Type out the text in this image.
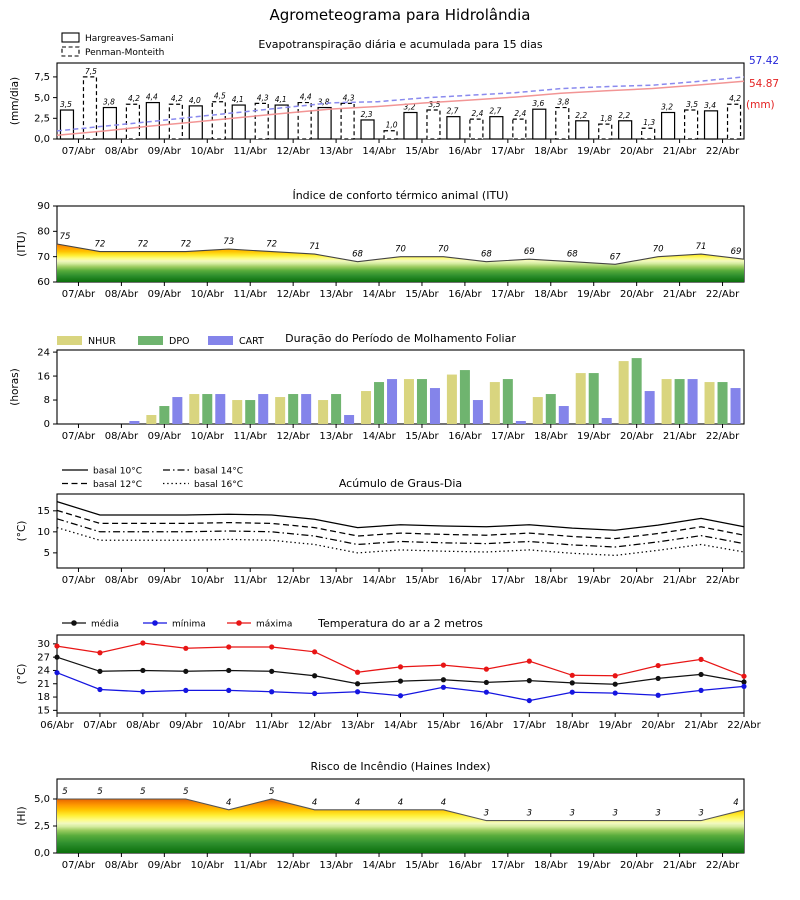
Agrometeograma para Hidrolândia
Evapotranspiração diária e acumulada para 15 dias
Índice de conforto térmico animal (ITU)
Duração do Período de Molhamento Foliar
Acúmulo de Graus-Dia
Temperatura do ar a 2 metros
Risco de Incêndio (Haines Index)
57.42
54.87
(mm)
0,0
2,5
5,0
7,5
07/Abr 08/Abr 09/Abr 10/Abr 11/Abr 12/Abr 13/Abr 14/Abr 15/Abr 16/Abr 17/Abr 18/Abr 19/Abr 20/Abr 21/Abr 22/Abr
(mm/dia)	3,5	3,8
4,4	4,0	4,1	4,1	3,8
2,3
3,2	2,7	2,7
3,6
2,2	2,2
3,2	3,4
7,5
4,2	4,2	4,5	4,3	4,4	4,3
1,0
3,5
2,4	2,4
3,8
1,8	1,3
3,5
4,2
Hargreaves-Samani
Penman-Monteith
60
70
80
90
07/Abr 08/Abr 09/Abr 10/Abr 11/Abr 12/Abr 13/Abr 14/Abr 15/Abr 16/Abr 17/Abr 18/Abr 19/Abr 20/Abr 21/Abr 22/Abr
(ITU)	75
72	72	72	73	72	71
68
70	70
68	69	68	67
70	71
69
0,0
2,5
5,0
07/Abr 08/Abr 09/Abr 10/Abr 11/Abr 12/Abr 13/Abr 14/Abr 15/Abr 16/Abr 17/Abr 18/Abr 19/Abr 20/Abr 21/Abr 22/Abr
(HI)
5	5	5	5
4
5
4	4	4	4
3	3	3	3	3	3
4
0
8
16
24
07/Abr 08/Abr 09/Abr 10/Abr 11/Abr 12/Abr 13/Abr 14/Abr 15/Abr 16/Abr 17/Abr 18/Abr 19/Abr 20/Abr 21/Abr 22/Abr
(horas)
NHUR	DPO	CART
5
10
15
07/Abr 08/Abr 09/Abr 10/Abr 11/Abr 12/Abr 13/Abr 14/Abr 15/Abr 16/Abr 17/Abr 18/Abr 19/Abr 20/Abr 21/Abr 22/Abr
(°C)
15
18
21
24
27
30
06/Abr 07/Abr 08/Abr 09/Abr 10/Abr 11/Abr 12/Abr 13/Abr 14/Abr 15/Abr 16/Abr 17/Abr 18/Abr 19/Abr 20/Abr 21/Abr 22/Abr
(°C)
basal 10°C
basal 12°C
basal 14°C
basal 16°C
média	mínima	máxima
